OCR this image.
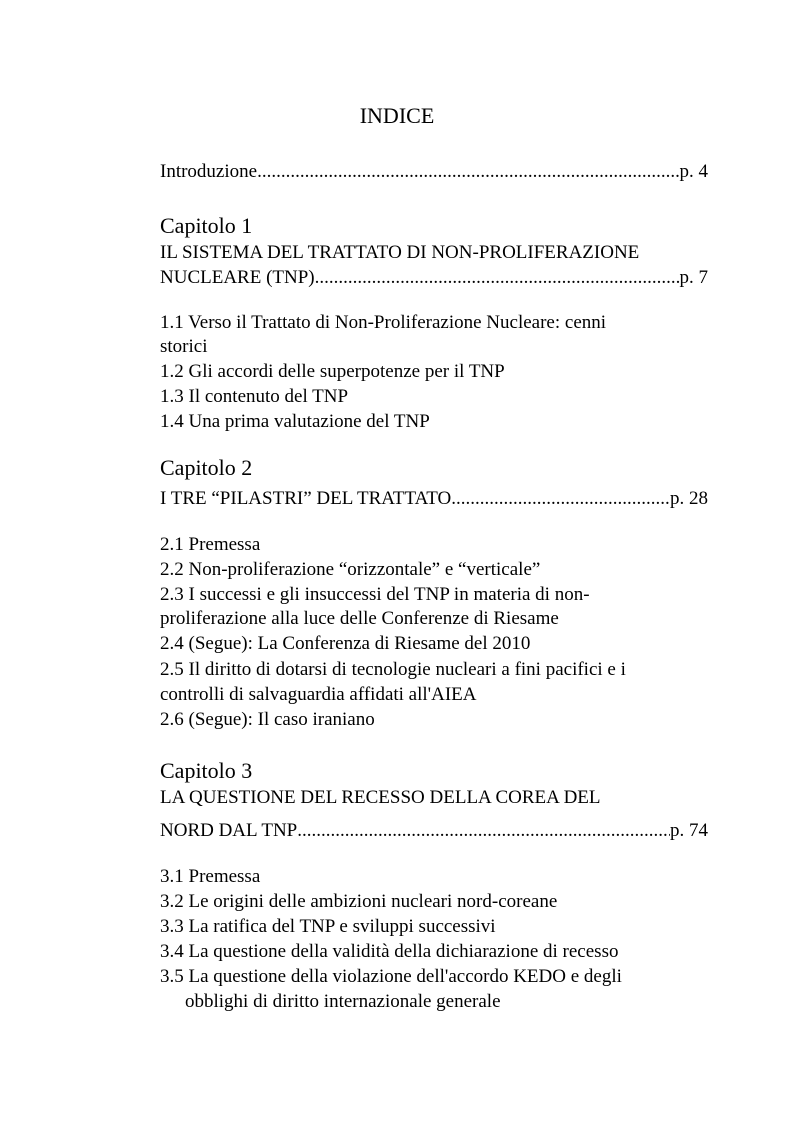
INDICE
Introduzione .....	p. 4
Capitolo 1
IL SISTEMA DEL TRATTATO DI NON-PROLIFERAZIONE
NUCLEARE (TNP) .....	p. 7
1.1 Verso il Trattato di Non-Proliferazione Nucleare: cenni
storici
1.2 Gli accordi delle superpotenze per il TNP
1.3 Il contenuto del TNP
1.4 Una prima valutazione del TNP
Capitolo 2
I TRE “PILASTRI” DEL TRATTATO .....	p. 28
2.1 Premessa
2.2 Non-proliferazione “orizzontale” e “verticale”
2.3 I successi e gli insuccessi del TNP in materia di non-
proliferazione alla luce delle Conferenze di Riesame
2.4 (Segue): La Conferenza di Riesame del 2010
2.5 Il diritto di dotarsi di tecnologie nucleari a fini pacifici e i
controlli di salvaguardia affidati all'AIEA
2.6 (Segue): Il caso iraniano
Capitolo 3
LA QUESTIONE DEL RECESSO DELLA COREA DEL
NORD DAL TNP .....	p. 74
3.1 Premessa
3.2 Le origini delle ambizioni nucleari nord-coreane
3.3 La ratifica del TNP e sviluppi successivi
3.4 La questione della validità della dichiarazione di recesso
3.5 La questione della violazione dell'accordo KEDO e degli
obblighi di diritto internazionale generale
